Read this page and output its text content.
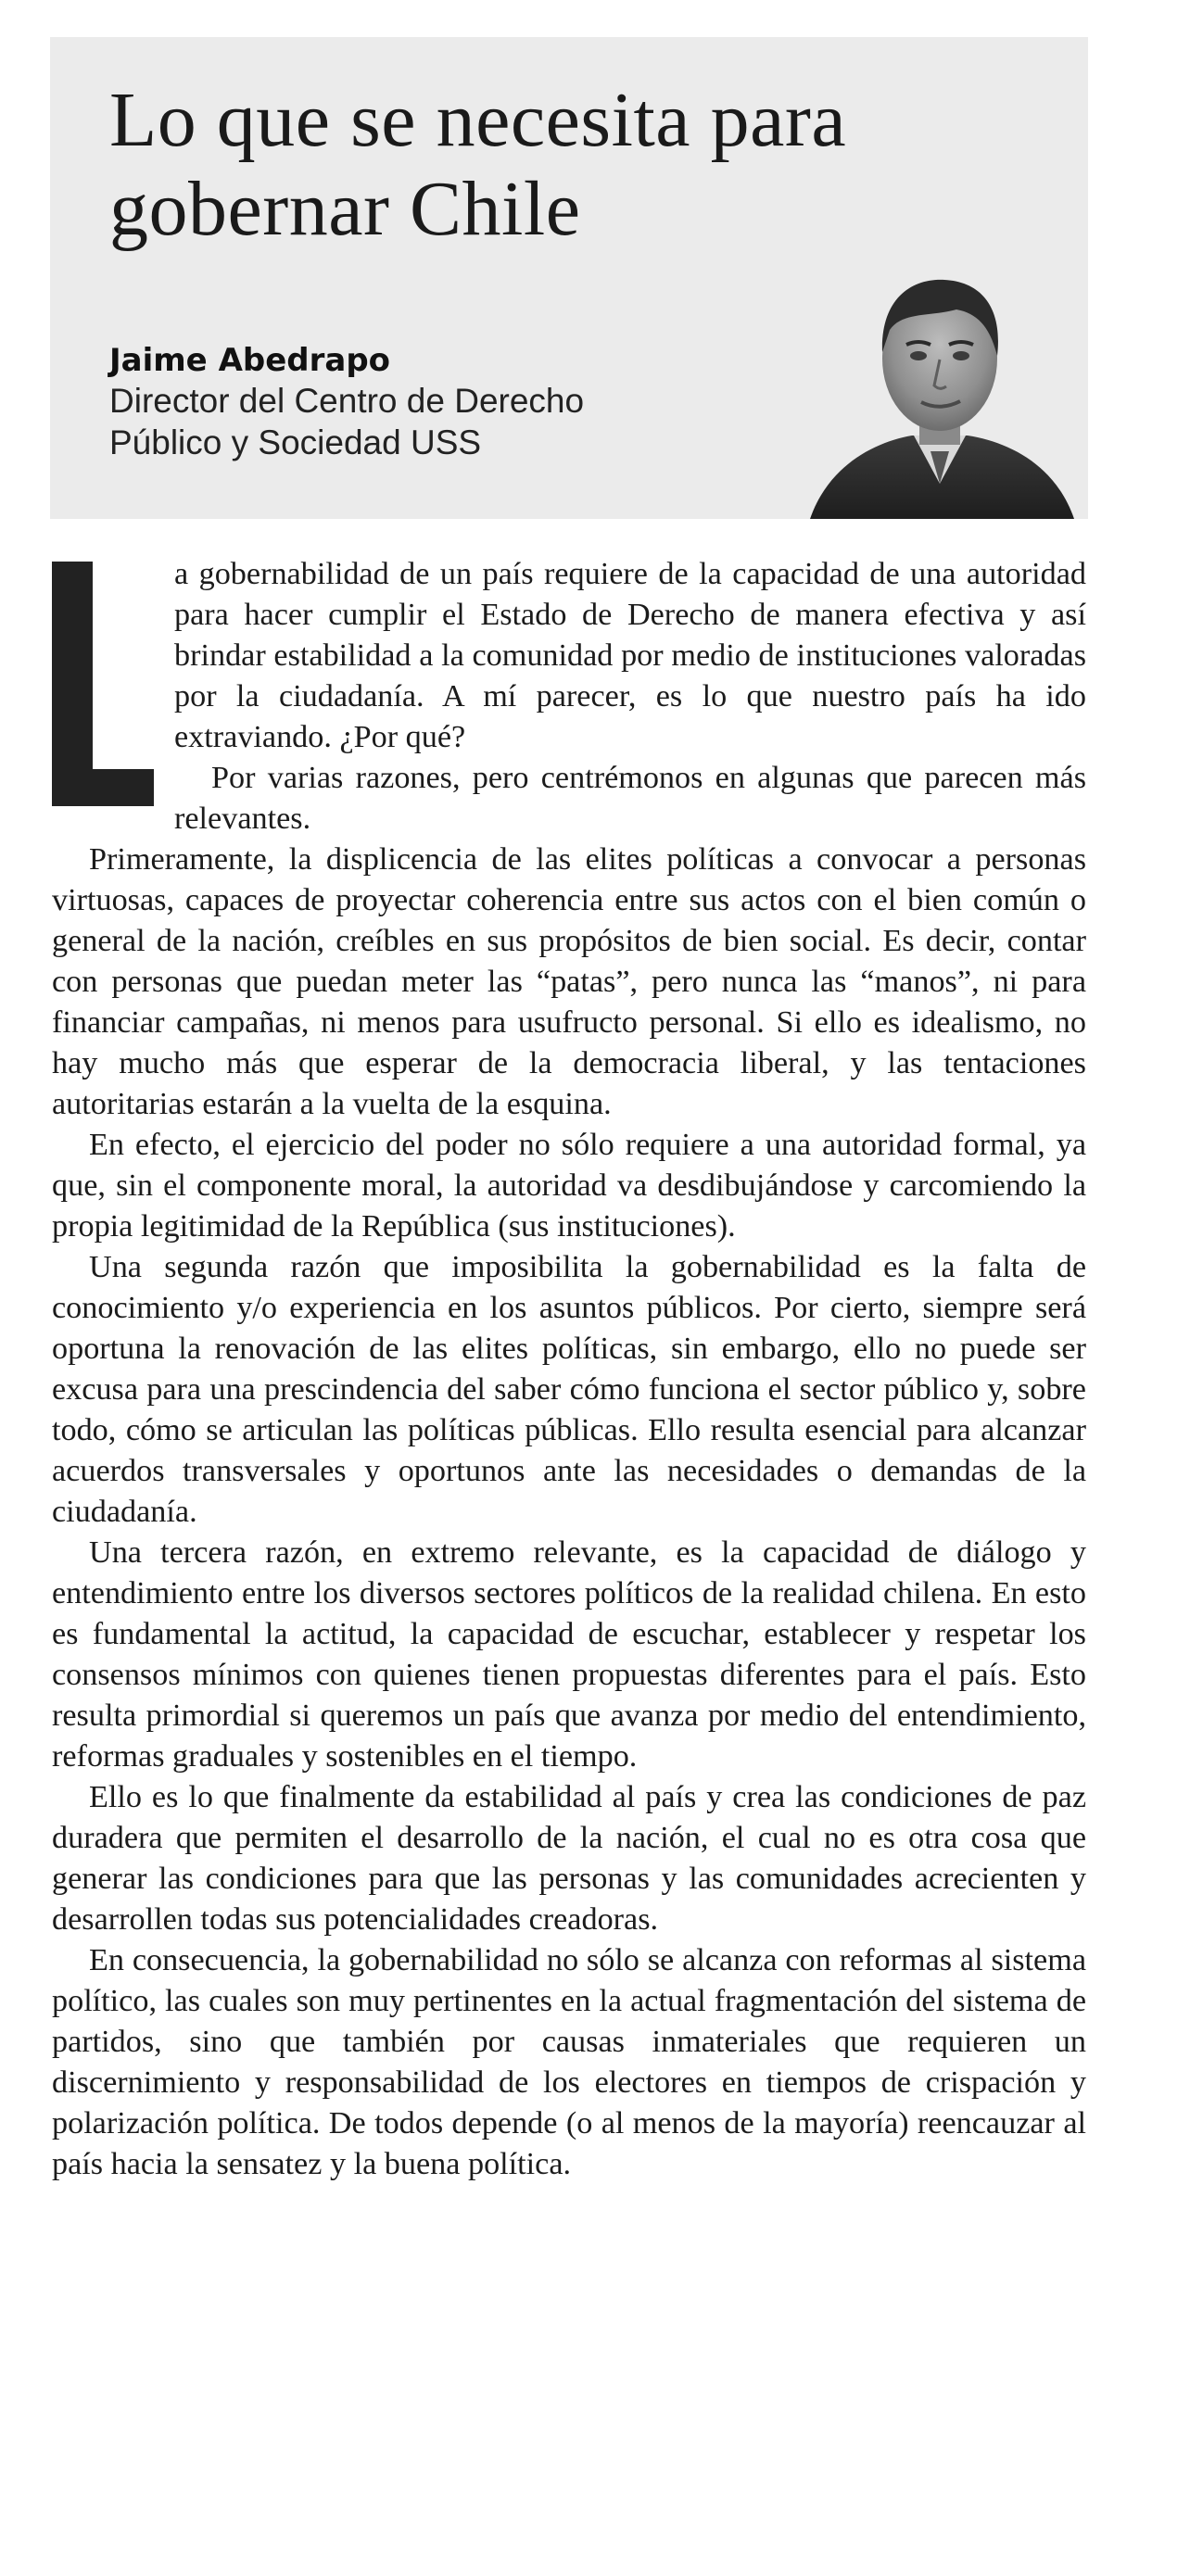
Lo que se necesita para gobernar Chile
Jaime Abedrapo
Director del Centro de Derecho
Público y Sociedad USS

a gobernabilidad de un país requiere de la capacidad de una autoridad para hacer cumplir el Estado de Derecho de manera efectiva y así brindar estabilidad a la comunidad por medio de instituciones valoradas por la ciudadanía. A mí parecer, es lo que nuestro país ha ido extraviando. ¿Por qué?

Por varias razones, pero centrémonos en algunas que parecen más relevantes.

Primeramente, la displicencia de las elites políticas a convocar a personas virtuosas, capaces de proyectar coherencia entre sus actos con el bien común o general de la nación, creíbles en sus propósitos de bien social. Es decir, contar con personas que puedan meter las “patas”, pero nunca las “manos”, ni para financiar campañas, ni menos para usufructo personal. Si ello es idealismo, no hay mucho más que esperar de la democracia liberal, y las tentaciones autoritarias estarán a la vuelta de la esquina.

En efecto, el ejercicio del poder no sólo requiere a una autoridad formal, ya que, sin el componente moral, la autoridad va desdibujándose y carcomiendo la propia legitimidad de la República (sus instituciones).

Una segunda razón que imposibilita la gobernabilidad es la falta de conocimiento y/o experiencia en los asuntos públicos. Por cierto, siempre será oportuna la renovación de las elites políticas, sin embargo, ello no puede ser excusa para una prescindencia del saber cómo funciona el sector público y, sobre todo, cómo se articulan las políticas públicas. Ello resulta esencial para alcanzar acuerdos transversales y oportunos ante las necesidades o demandas de la ciudadanía.

Una tercera razón, en extremo relevante, es la capacidad de diálogo y entendimiento entre los diversos sectores políticos de la realidad chilena. En esto es fundamental la actitud, la capacidad de escuchar, establecer y respetar los consensos mínimos con quienes tienen propuestas diferentes para el país. Esto resulta primordial si queremos un país que avanza por medio del entendimiento, reformas graduales y sostenibles en el tiempo.

Ello es lo que finalmente da estabilidad al país y crea las condiciones de paz duradera que permiten el desarrollo de la nación, el cual no es otra cosa que generar las condiciones para que las personas y las comunidades acrecienten y desarrollen todas sus potencialidades creadoras.

En consecuencia, la gobernabilidad no sólo se alcanza con reformas al sistema político, las cuales son muy pertinentes en la actual fragmentación del sistema de partidos, sino que también por causas inmateriales que requieren un discernimiento y responsabilidad de los electores en tiempos de crispación y polarización política. De todos depende (o al menos de la mayoría) reencauzar al país hacia la sensatez y la buena política.
